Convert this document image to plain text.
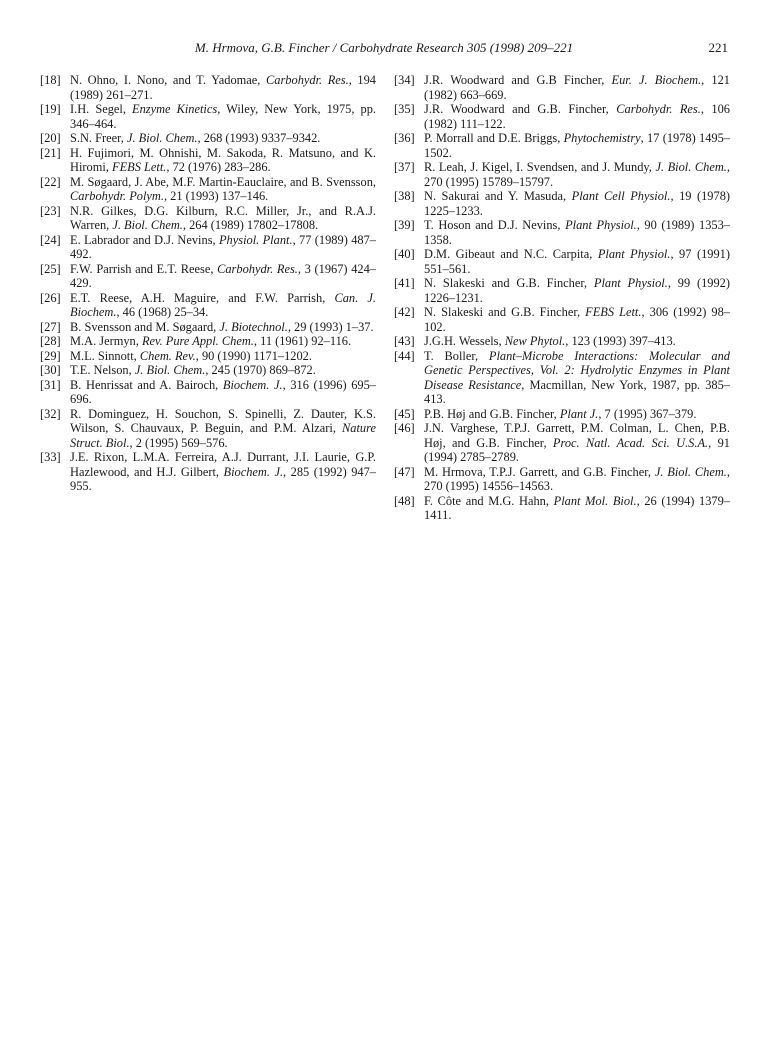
M. Hrmova, G.B. Fincher / Carbohydrate Research 305 (1998) 209–221	221
[18] N. Ohno, I. Nono, and T. Yadomae, Carbohydr. Res., 194 (1989) 261–271.
[19] I.H. Segel, Enzyme Kinetics, Wiley, New York, 1975, pp. 346–464.
[20] S.N. Freer, J. Biol. Chem., 268 (1993) 9337–9342.
[21] H. Fujimori, M. Ohnishi, M. Sakoda, R. Matsuno, and K. Hiromi, FEBS Lett., 72 (1976) 283–286.
[22] M. Søgaard, J. Abe, M.F. Martin-Eauclaire, and B. Svensson, Carbohydr. Polym., 21 (1993) 137–146.
[23] N.R. Gilkes, D.G. Kilburn, R.C. Miller, Jr., and R.A.J. Warren, J. Biol. Chem., 264 (1989) 17802–17808.
[24] E. Labrador and D.J. Nevins, Physiol. Plant., 77 (1989) 487–492.
[25] F.W. Parrish and E.T. Reese, Carbohydr. Res., 3 (1967) 424–429.
[26] E.T. Reese, A.H. Maguire, and F.W. Parrish, Can. J. Biochem., 46 (1968) 25–34.
[27] B. Svensson and M. Søgaard, J. Biotechnol., 29 (1993) 1–37.
[28] M.A. Jermyn, Rev. Pure Appl. Chem., 11 (1961) 92–116.
[29] M.L. Sinnott, Chem. Rev., 90 (1990) 1171–1202.
[30] T.E. Nelson, J. Biol. Chem., 245 (1970) 869–872.
[31] B. Henrissat and A. Bairoch, Biochem. J., 316 (1996) 695–696.
[32] R. Dominguez, H. Souchon, S. Spinelli, Z. Dauter, K.S. Wilson, S. Chauvaux, P. Beguin, and P.M. Alzari, Nature Struct. Biol., 2 (1995) 569–576.
[33] J.E. Rixon, L.M.A. Ferreira, A.J. Durrant, J.I. Laurie, G.P. Hazlewood, and H.J. Gilbert, Biochem. J., 285 (1992) 947–955.
[34] J.R. Woodward and G.B Fincher, Eur. J. Biochem., 121 (1982) 663–669.
[35] J.R. Woodward and G.B. Fincher, Carbohydr. Res., 106 (1982) 111–122.
[36] P. Morrall and D.E. Briggs, Phytochemistry, 17 (1978) 1495–1502.
[37] R. Leah, J. Kigel, I. Svendsen, and J. Mundy, J. Biol. Chem., 270 (1995) 15789–15797.
[38] N. Sakurai and Y. Masuda, Plant Cell Physiol., 19 (1978) 1225–1233.
[39] T. Hoson and D.J. Nevins, Plant Physiol., 90 (1989) 1353–1358.
[40] D.M. Gibeaut and N.C. Carpita, Plant Physiol., 97 (1991) 551–561.
[41] N. Slakeski and G.B. Fincher, Plant Physiol., 99 (1992) 1226–1231.
[42] N. Slakeski and G.B. Fincher, FEBS Lett., 306 (1992) 98–102.
[43] J.G.H. Wessels, New Phytol., 123 (1993) 397–413.
[44] T. Boller, Plant–Microbe Interactions: Molecular and Genetic Perspectives, Vol. 2: Hydrolytic Enzymes in Plant Disease Resistance, Macmillan, New York, 1987, pp. 385–413.
[45] P.B. Høj and G.B. Fincher, Plant J., 7 (1995) 367–379.
[46] J.N. Varghese, T.P.J. Garrett, P.M. Colman, L. Chen, P.B. Høj, and G.B. Fincher, Proc. Natl. Acad. Sci. U.S.A., 91 (1994) 2785–2789.
[47] M. Hrmova, T.P.J. Garrett, and G.B. Fincher, J. Biol. Chem., 270 (1995) 14556–14563.
[48] F. Côte and M.G. Hahn, Plant Mol. Biol., 26 (1994) 1379–1411.
